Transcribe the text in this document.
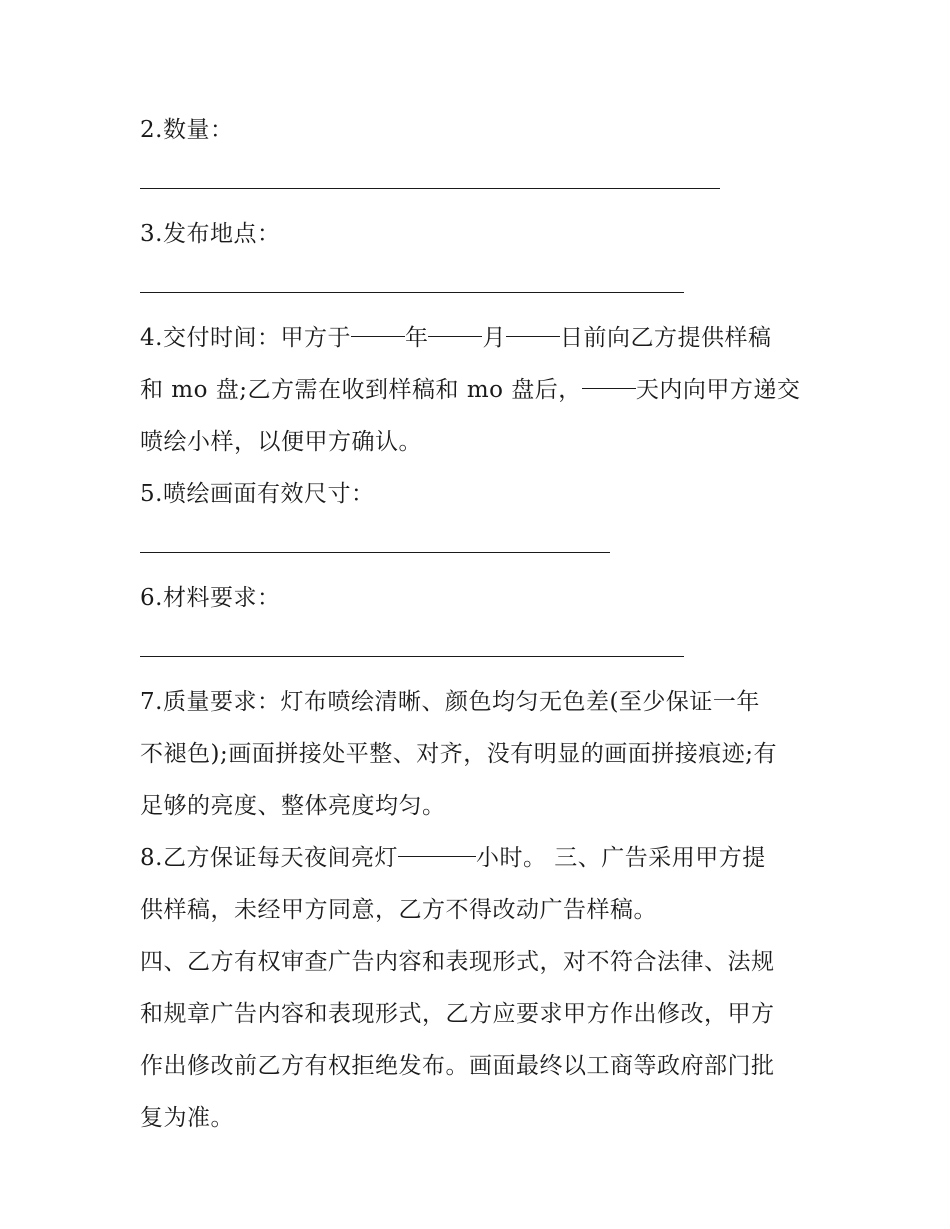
2.数量：
3.发布地点：
4.交付时间：甲方于 年 月 日前向乙方提供样稿
和 mo 盘;乙方需在收到样稿和 mo 盘后， 天内向甲方递交
喷绘小样，以便甲方确认。
5.喷绘画面有效尺寸：
6.材料要求：
7.质量要求：灯布喷绘清晰、颜色均匀无色差(至少保证一年
不褪色);画面拼接处平整、对齐，没有明显的画面拼接痕迹;有
足够的亮度、整体亮度均匀。
8.乙方保证每天夜间亮灯	小时。 三、广告采用甲方提
供样稿，未经甲方同意，乙方不得改动广告样稿。
四、乙方有权审查广告内容和表现形式，对不符合法律、法规
和规章广告内容和表现形式，乙方应要求甲方作出修改，甲方
作出修改前乙方有权拒绝发布。画面最终以工商等政府部门批
复为准。
